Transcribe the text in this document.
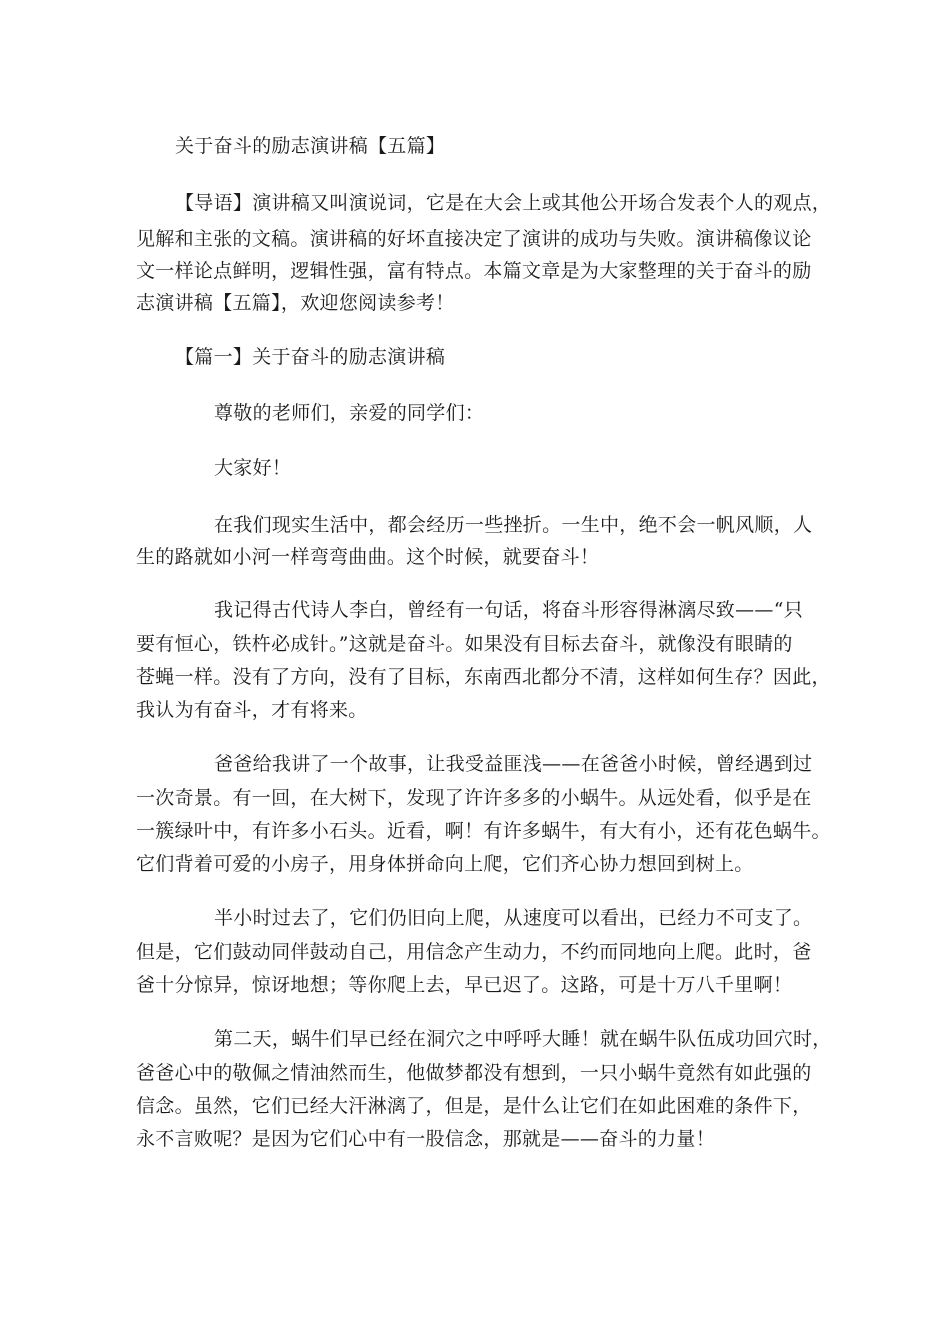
关于奋斗的励志演讲稿【五篇】
【导语】演讲稿又叫演说词，它是在大会上或其他公开场合发表个人的观点，
见解和主张的文稿。演讲稿的好坏直接决定了演讲的成功与失败。演讲稿像议论
文一样论点鲜明，逻辑性强，富有特点。本篇文章是为大家整理的关于奋斗的励
志演讲稿【五篇】，欢迎您阅读参考！
【篇一】关于奋斗的励志演讲稿
尊敬的老师们，亲爱的同学们：
大家好！
在我们现实生活中，都会经历一些挫折。一生中，绝不会一帆风顺，人
生的路就如小河一样弯弯曲曲。这个时候，就要奋斗！
我记得古代诗人李白，曾经有一句话，将奋斗形容得淋漓尽致——“只
要有恒心，铁杵必成针。”这就是奋斗。如果没有目标去奋斗，就像没有眼睛的
苍蝇一样。没有了方向，没有了目标，东南西北都分不清，这样如何生存？因此，
我认为有奋斗，才有将来。
爸爸给我讲了一个故事，让我受益匪浅——在爸爸小时候，曾经遇到过
一次奇景。有一回，在大树下，发现了许许多多的小蜗牛。从远处看，似乎是在
一簇绿叶中，有许多小石头。近看，啊！有许多蜗牛，有大有小，还有花色蜗牛。
它们背着可爱的小房子，用身体拼命向上爬，它们齐心协力想回到树上。
半小时过去了，它们仍旧向上爬，从速度可以看出，已经力不可支了。
但是，它们鼓动同伴鼓动自己，用信念产生动力，不约而同地向上爬。此时，爸
爸十分惊异，惊讶地想；等你爬上去，早已迟了。这路，可是十万八千里啊！
第二天，蜗牛们早已经在洞穴之中呼呼大睡！就在蜗牛队伍成功回穴时，
爸爸心中的敬佩之情油然而生，他做梦都没有想到，一只小蜗牛竟然有如此强的
信念。虽然，它们已经大汗淋漓了，但是，是什么让它们在如此困难的条件下，
永不言败呢？是因为它们心中有一股信念，那就是——奋斗的力量！
